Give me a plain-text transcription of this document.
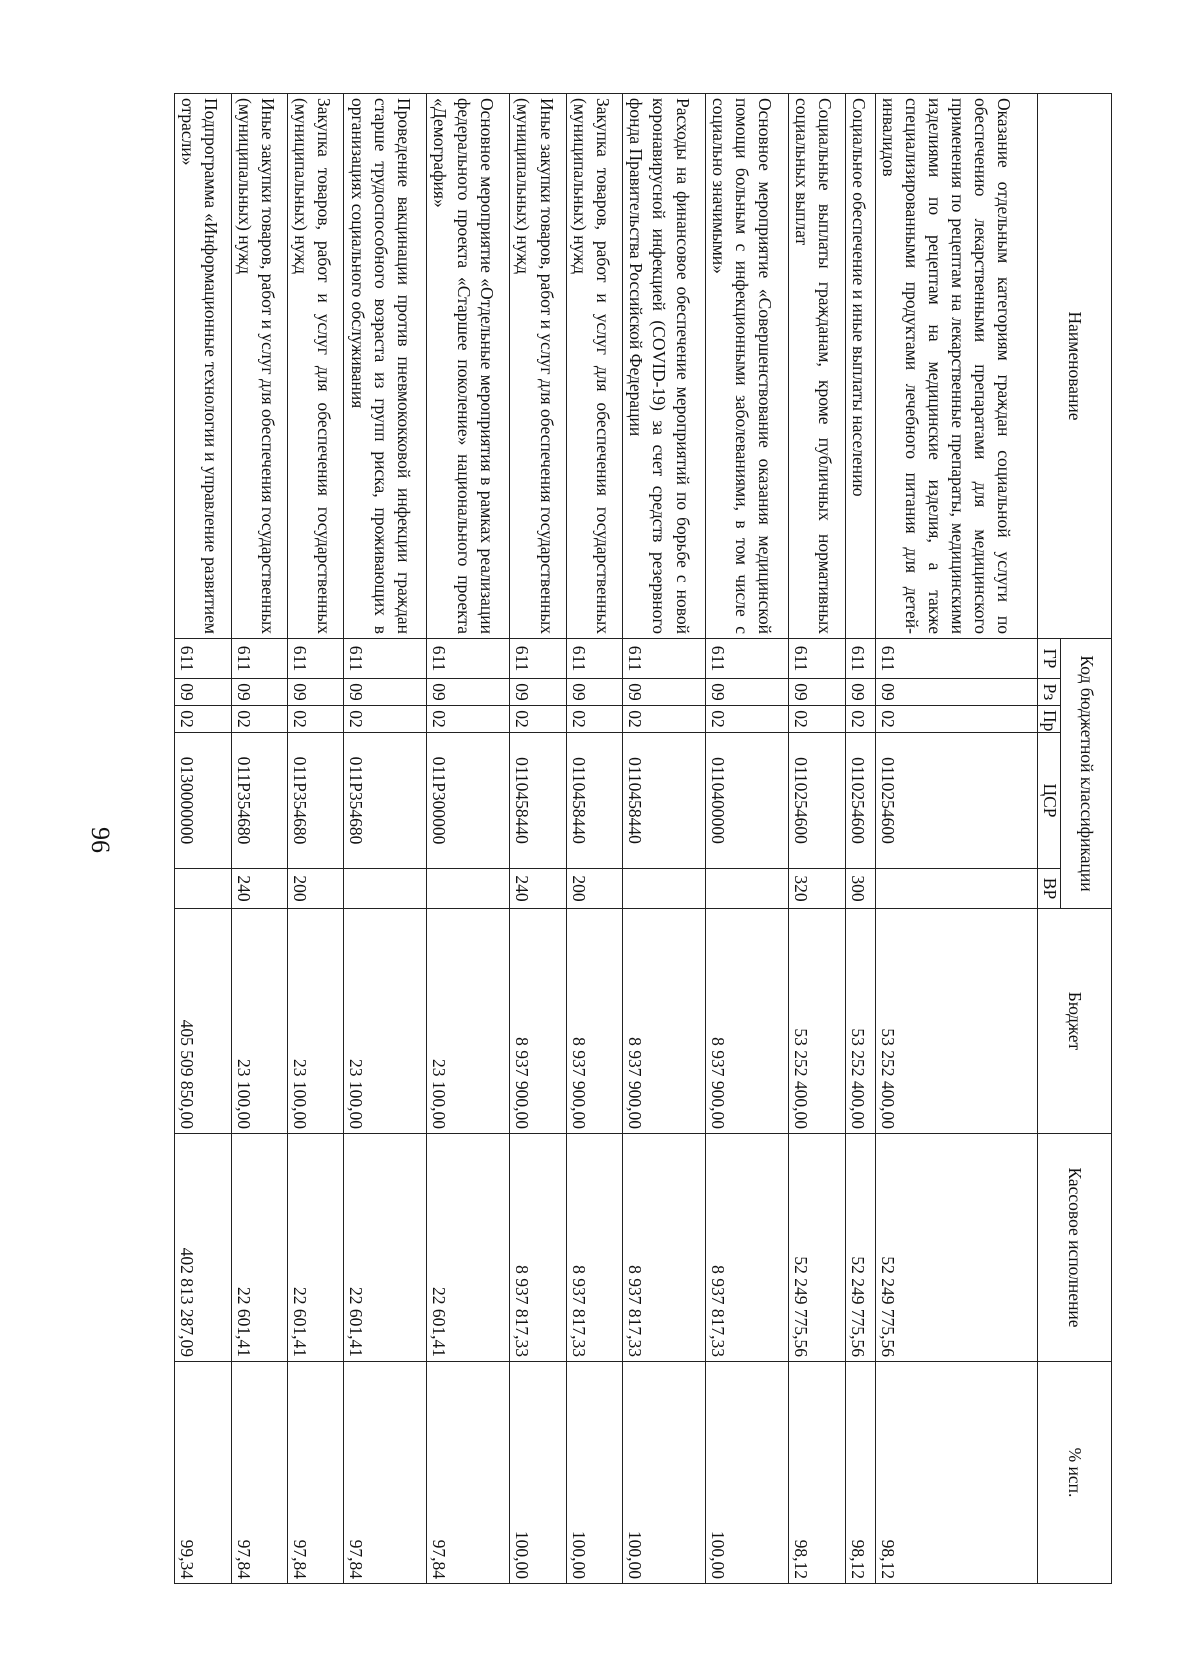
96
Наименование	Код бюджетной классификации					Бюджет	Кассовое исполнение	% исп.
	ГР	Рз	Пр	ЦСР	ВР			
Оказание отдельным категориям граждан социальной услуги по обеспечению лекарственными препаратами для медицинского применения по рецептам на лекарственные препараты, медицинскими изделиями по рецептам на медицинские изделия, а также специализированными продуктами лечебного питания для детей-инвалидов	611	09	02	0110254600		53 252 400,00	52 249 775,56	98,12
Социальное обеспечение и иные выплаты населению	611	09	02	0110254600	300	53 252 400,00	52 249 775,56	98,12
Социальные выплаты гражданам, кроме публичных нормативных социальных выплат	611	09	02	0110254600	320	53 252 400,00	52 249 775,56	98,12
Основное мероприятие «Совершенствование оказания медицинской помощи больным с инфекционными заболеваниями, в том числе с социально значимыми»	611	09	02	0110400000		8 937 900,00	8 937 817,33	100,00
Расходы на финансовое обеспечение мероприятий по борьбе с новой коронавирусной инфекцией (COVID-19) за счет средств резервного фонда Правительства Российской Федерации	611	09	02	0110458440		8 937 900,00	8 937 817,33	100,00
Закупка товаров, работ и услуг для обеспечения государственных (муниципальных) нужд	611	09	02	0110458440	200	8 937 900,00	8 937 817,33	100,00
Иные закупки товаров, работ и услуг для обеспечения государственных (муниципальных) нужд	611	09	02	0110458440	240	8 937 900,00	8 937 817,33	100,00
Основное мероприятие «Отдельные мероприятия в рамках реализации федерального проекта «Старшее поколение» национального проекта «Демография»	611	09	02	011Р300000		23 100,00	22 601,41	97,84
Проведение вакцинации против пневмококковой инфекции граждан старше трудоспособного возраста из групп риска, проживающих в организациях социального обслуживания	611	09	02	011Р354680		23 100,00	22 601,41	97,84
Закупка товаров, работ и услуг для обеспечения государственных (муниципальных) нужд	611	09	02	011Р354680	200	23 100,00	22 601,41	97,84
Иные закупки товаров, работ и услуг для обеспечения государственных (муниципальных) нужд	611	09	02	011Р354680	240	23 100,00	22 601,41	97,84
Подпрограмма «Информационные технологии и управление развитием отрасли»	611	09	02	0130000000		405 509 850,00	402 813 287,09	99,34
